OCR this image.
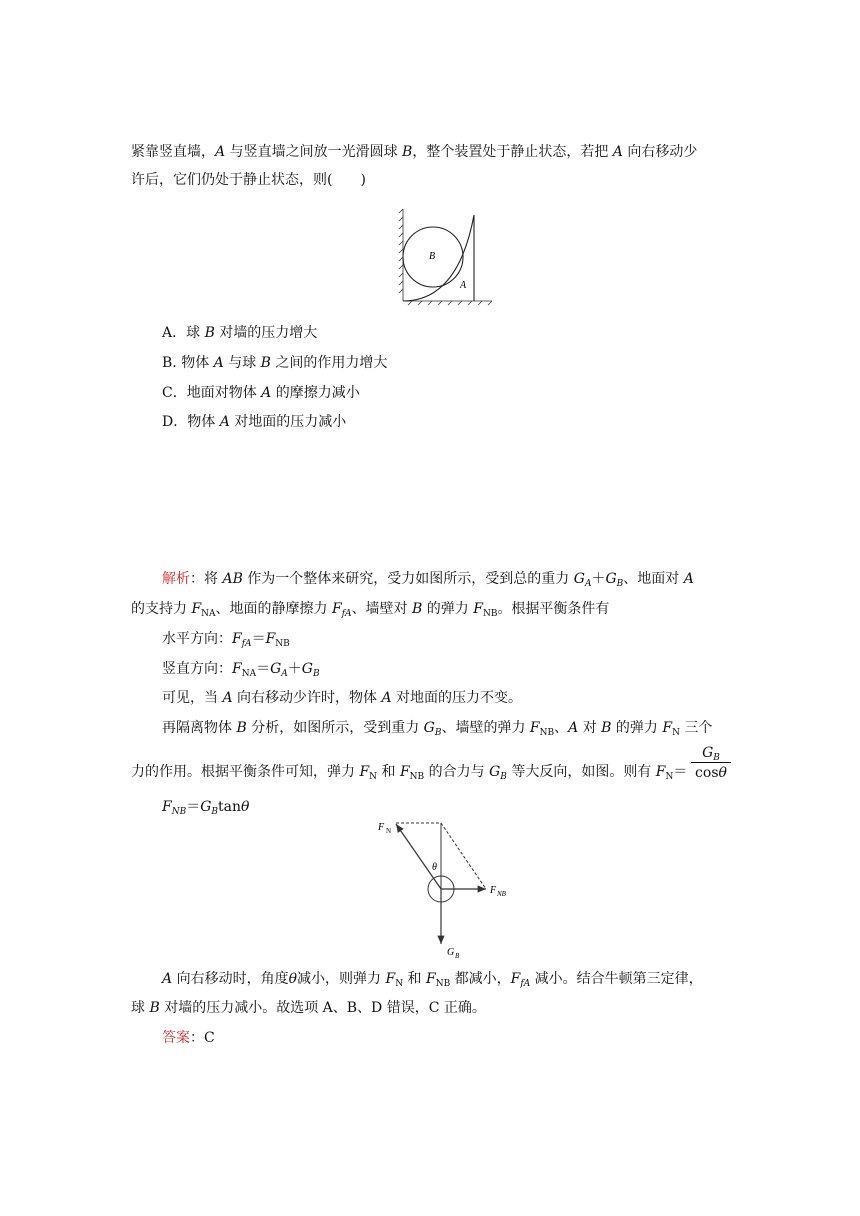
紧靠竖直墙，A 与竖直墙之间放一光滑圆球 B，整个装置处于静止状态，若把 A 向右移动少
许后，它们仍处于静止状态，则(　　)
B
A
A．球 B 对墙的压力增大
B. 物体 A 与球 B 之间的作用力增大
C．地面对物体 A 的摩擦力减小
D．物体 A 对地面的压力减小
解析：将 AB 作为一个整体来研究，受力如图所示，受到总的重力 $G_A+G_B$、地面对 A
的支持力 $F_{NA}$、地面的静摩擦力 $F_{fA}$、墙壁对 B 的弹力 $F_{NB}$。根据平衡条件有
水平方向：$F_{fA}=F_{NB}$
竖直方向：$F_{NA}=G_A+G_B$
可见，当 A 向右移动少许时，物体 A 对地面的压力不变。
再隔离物体 B 分析，如图所示，受到重力 $G_B$、墙壁的弹力 $F_{NB}$、A 对 B 的弹力 $F_N$ 三个
力的作用。根据平衡条件可知，弹力 $F_N$ 和 $F_{NB}$ 的合力与 $G_B$ 等大反向，如图。则有 $F_N=$
$G_B$
cosθ
$F_{NB}=G_B\tan\theta$
F N
F NB
G B
θ
A 向右移动时，角度θ减小，则弹力 $F_N$ 和 $F_{NB}$ 都减小，$F_{fA}$ 减小。结合牛顿第三定律，
球 B 对墙的压力减小。故选项 A、B、D 错误，C 正确。
答案：C
